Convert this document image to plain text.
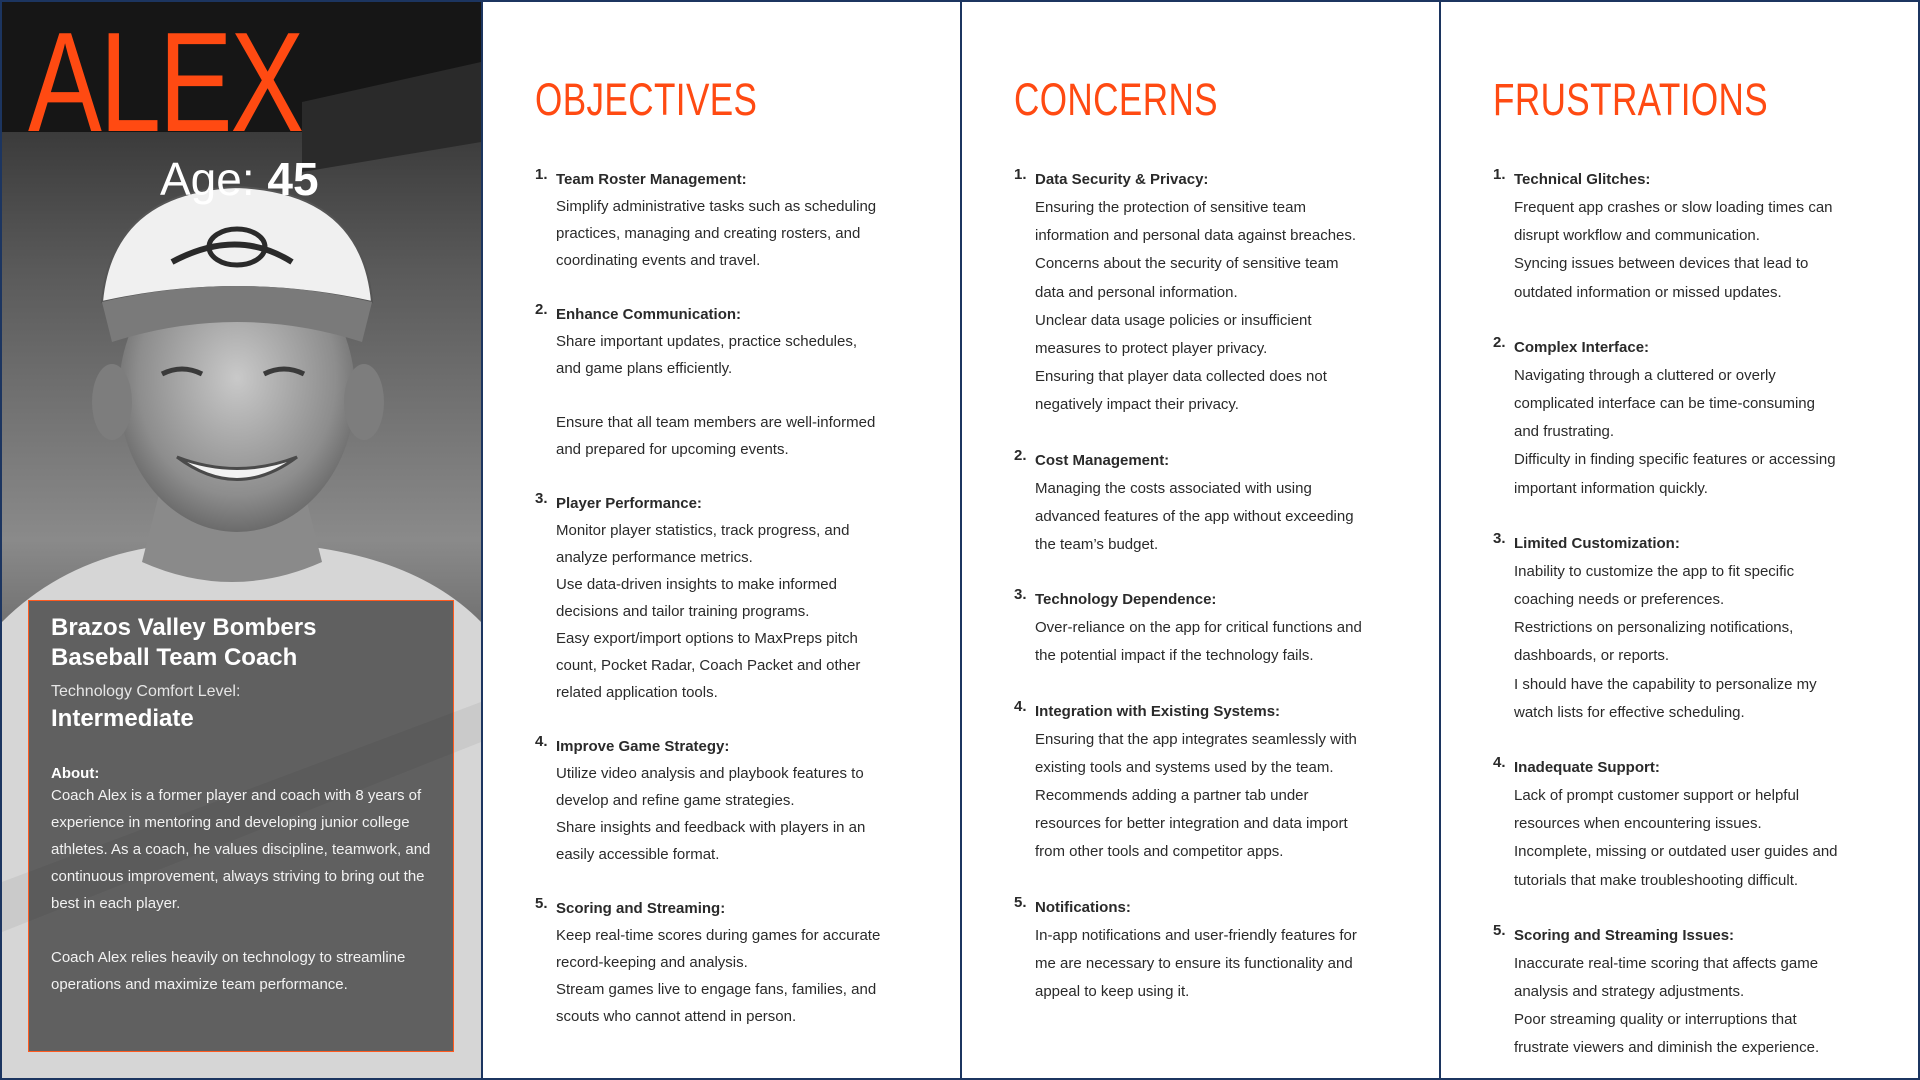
ALEX
Age: 45

Brazos Valley Bombers

Baseball Team Coach

Technology Comfort Level:
Intermediate
About:

Coach Alex is a former player and coach with 8 years of experience in mentoring and developing junior college athletes. As a coach, he values discipline, teamwork, and continuous improvement, always striving to bring out the best in each player.

Coach Alex relies heavily on technology to streamline operations and maximize team performance.

OBJECTIVES
1. Team Roster Management:
Simplify administrative tasks such as scheduling
practices, managing and creating rosters, and
coordinating events and travel.
2. Enhance Communication:
Share important updates, practice schedules,
and game plans efficiently.
Ensure that all team members are well-informed
and prepared for upcoming events.
3. Player Performance:
Monitor player statistics, track progress, and
analyze performance metrics.
Use data-driven insights to make informed
decisions and tailor training programs.
Easy export/import options to MaxPreps pitch
count, Pocket Radar, Coach Packet and other
related application tools.
4. Improve Game Strategy:
Utilize video analysis and playbook features to
develop and refine game strategies.
Share insights and feedback with players in an
easily accessible format.
5. Scoring and Streaming:
Keep real-time scores during games for accurate
record-keeping and analysis.
Stream games live to engage fans, families, and
scouts who cannot attend in person.
CONCERNS
1. Data Security & Privacy:
Ensuring the protection of sensitive team
information and personal data against breaches.
Concerns about the security of sensitive team
data and personal information.
Unclear data usage policies or insufficient
measures to protect player privacy.
Ensuring that player data collected does not
negatively impact their privacy.
2. Cost Management:
Managing the costs associated with using
advanced features of the app without exceeding
the team’s budget.
3. Technology Dependence:
Over-reliance on the app for critical functions and
the potential impact if the technology fails.
4. Integration with Existing Systems:
Ensuring that the app integrates seamlessly with
existing tools and systems used by the team.
Recommends adding a partner tab under
resources for better integration and data import
from other tools and competitor apps.
5. Notifications:
In-app notifications and user-friendly features for
me are necessary to ensure its functionality and
appeal to keep using it.
FRUSTRATIONS
1. Technical Glitches:
Frequent app crashes or slow loading times can
disrupt workflow and communication.
Syncing issues between devices that lead to
outdated information or missed updates.
2. Complex Interface:
Navigating through a cluttered or overly
complicated interface can be time-consuming
and frustrating.
Difficulty in finding specific features or accessing
important information quickly.
3. Limited Customization:
Inability to customize the app to fit specific
coaching needs or preferences.
Restrictions on personalizing notifications,
dashboards, or reports.
I should have the capability to personalize my
watch lists for effective scheduling.
4. Inadequate Support:
Lack of prompt customer support or helpful
resources when encountering issues.
Incomplete, missing or outdated user guides and
tutorials that make troubleshooting difficult.
5. Scoring and Streaming Issues:
Inaccurate real-time scoring that affects game
analysis and strategy adjustments.
Poor streaming quality or interruptions that
frustrate viewers and diminish the experience.
